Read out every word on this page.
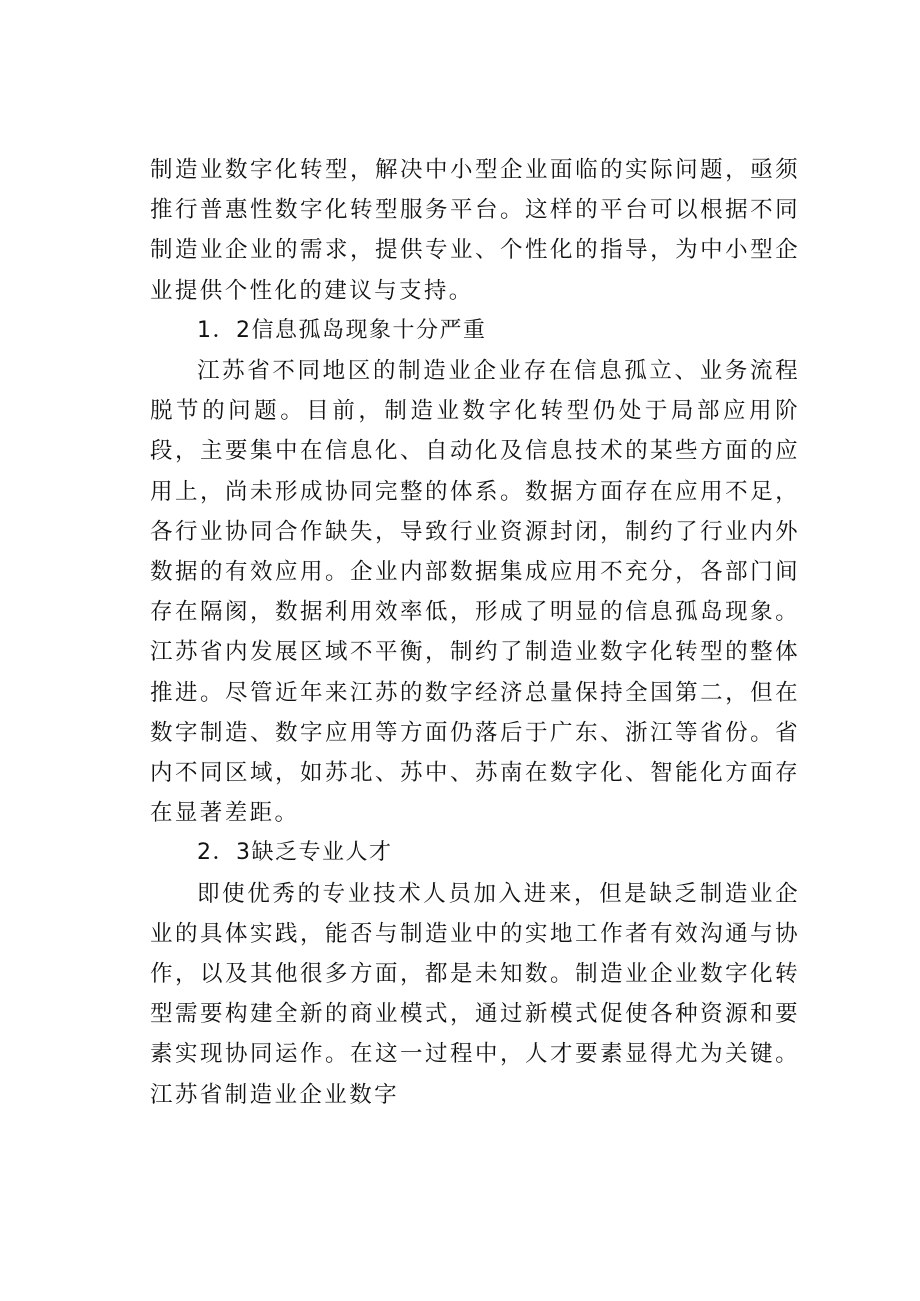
制造业数字化转型，解决中小型企业面临的实际问题，亟须推行普惠性数字化转型服务平台。这样的平台可以根据不同制造业企业的需求，提供专业、个性化的指导，为中小型企业提供个性化的建议与支持。

1．2信息孤岛现象十分严重

江苏省不同地区的制造业企业存在信息孤立、业务流程脱节的问题。目前，制造业数字化转型仍处于局部应用阶段，主要集中在信息化、自动化及信息技术的某些方面的应用上，尚未形成协同完整的体系。数据方面存在应用不足，各行业协同合作缺失，导致行业资源封闭，制约了行业内外数据的有效应用。企业内部数据集成应用不充分，各部门间存在隔阂，数据利用效率低，形成了明显的信息孤岛现象。江苏省内发展区域不平衡，制约了制造业数字化转型的整体推进。尽管近年来江苏的数字经济总量保持全国第二，但在数字制造、数字应用等方面仍落后于广东、浙江等省份。省内不同区域，如苏北、苏中、苏南在数字化、智能化方面存在显著差距。

2．3缺乏专业人才

即使优秀的专业技术人员加入进来，但是缺乏制造业企业的具体实践，能否与制造业中的实地工作者有效沟通与协作，以及其他很多方面，都是未知数。制造业企业数字化转型需要构建全新的商业模式，通过新模式促使各种资源和要素实现协同运作。在这一过程中，人才要素显得尤为关键。江苏省制造业企业数字
